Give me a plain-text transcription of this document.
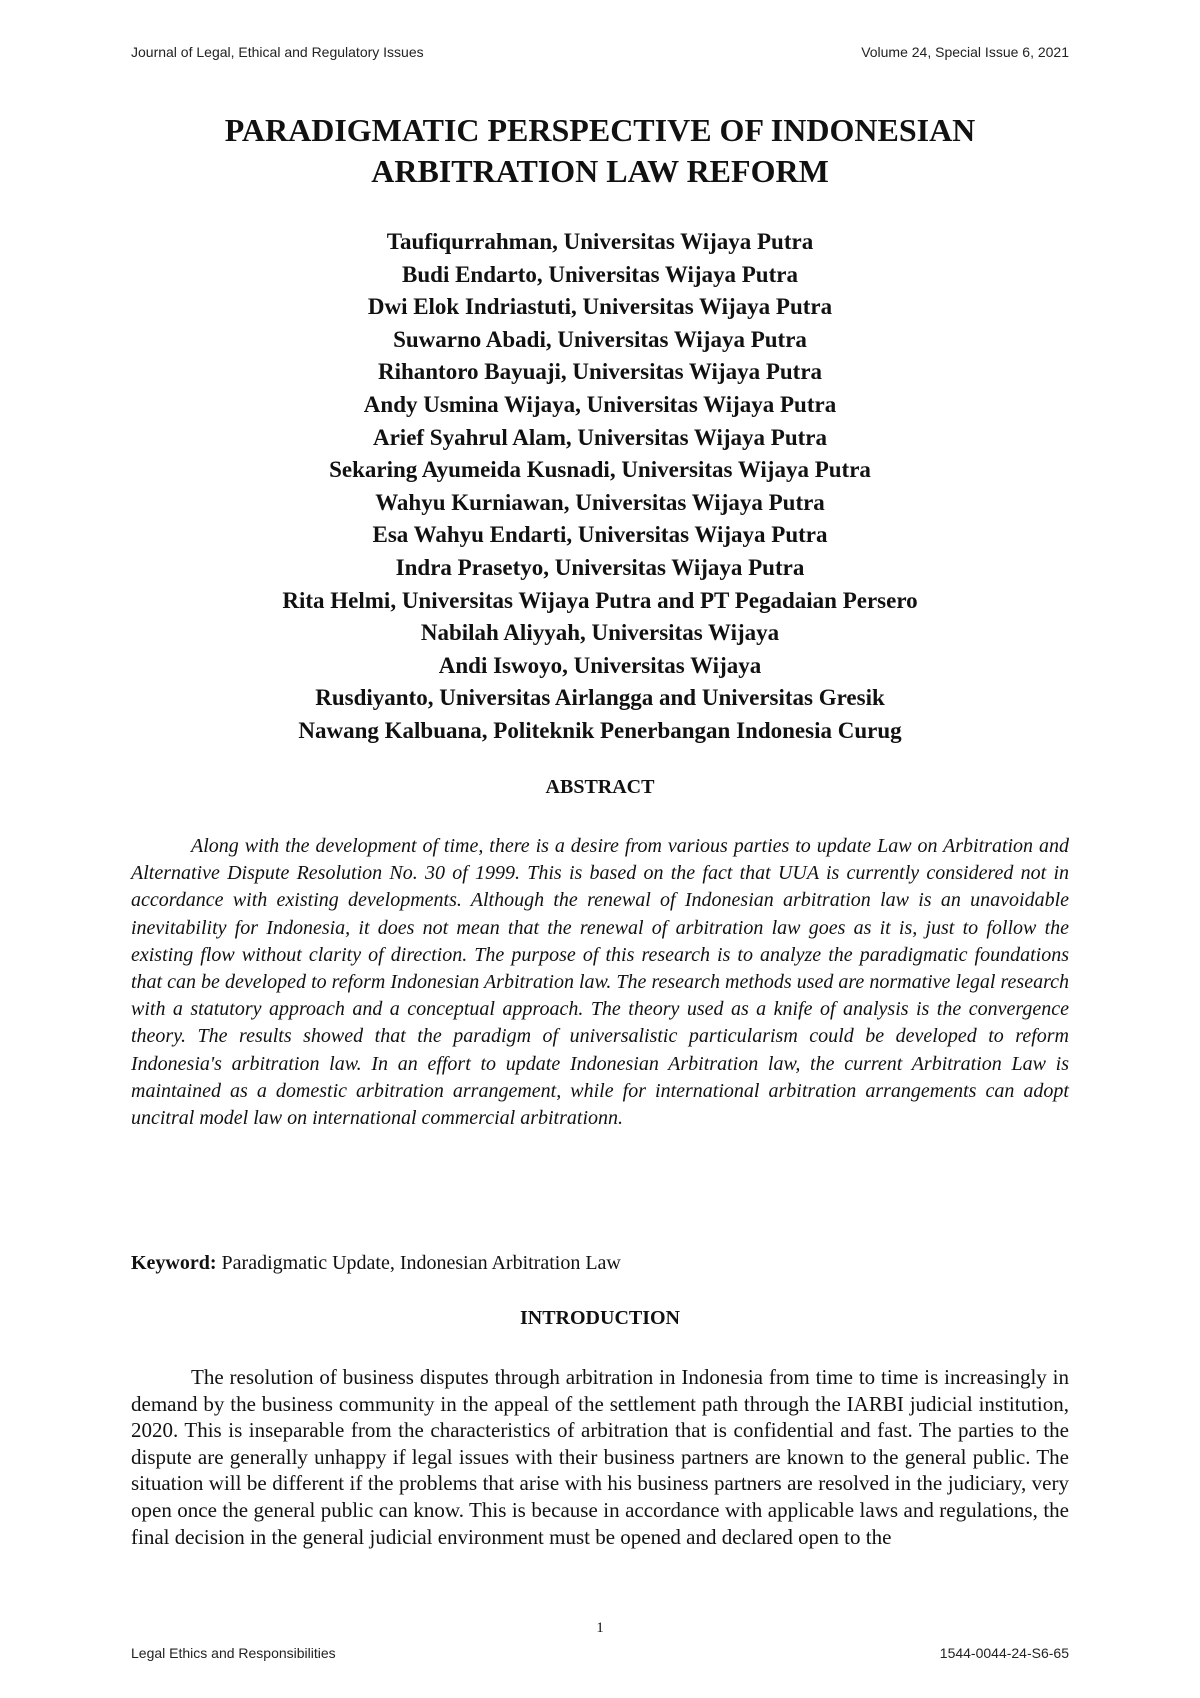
Journal of Legal, Ethical and Regulatory Issues	Volume 24, Special Issue 6, 2021
PARADIGMATIC PERSPECTIVE OF INDONESIAN ARBITRATION LAW REFORM
Taufiqurrahman, Universitas Wijaya Putra
Budi Endarto, Universitas Wijaya Putra
Dwi Elok Indriastuti, Universitas Wijaya Putra
Suwarno Abadi, Universitas Wijaya Putra
Rihantoro Bayuaji, Universitas Wijaya Putra
Andy Usmina Wijaya, Universitas Wijaya Putra
Arief Syahrul Alam, Universitas Wijaya Putra
Sekaring Ayumeida Kusnadi, Universitas Wijaya Putra
Wahyu Kurniawan, Universitas Wijaya Putra
Esa Wahyu Endarti, Universitas Wijaya Putra
Indra Prasetyo, Universitas Wijaya Putra
Rita Helmi, Universitas Wijaya Putra and PT Pegadaian Persero
Nabilah Aliyyah, Universitas Wijaya
Andi Iswoyo, Universitas Wijaya
Rusdiyanto, Universitas Airlangga and Universitas Gresik
Nawang Kalbuana, Politeknik Penerbangan Indonesia Curug
ABSTRACT

Along with the development of time, there is a desire from various parties to update Law on Arbitration and Alternative Dispute Resolution No. 30 of 1999. This is based on the fact that UUA is currently considered not in accordance with existing developments. Although the renewal of Indonesian arbitration law is an unavoidable inevitability for Indonesia, it does not mean that the renewal of arbitration law goes as it is, just to follow the existing flow without clarity of direction. The purpose of this research is to analyze the paradigmatic foundations that can be developed to reform Indonesian Arbitration law. The research methods used are normative legal research with a statutory approach and a conceptual approach. The theory used as a knife of analysis is the convergence theory. The results showed that the paradigm of universalistic particularism could be developed to reform Indonesia's arbitration law. In an effort to update Indonesian Arbitration law, the current Arbitration Law is maintained as a domestic arbitration arrangement, while for international arbitration arrangements can adopt uncitral model law on international commercial arbitrationn.

Keyword: Paradigmatic Update, Indonesian Arbitration Law

INTRODUCTION

The resolution of business disputes through arbitration in Indonesia from time to time is increasingly in demand by the business community in the appeal of the settlement path through the IARBI judicial institution, 2020. This is inseparable from the characteristics of arbitration that is confidential and fast. The parties to the dispute are generally unhappy if legal issues with their business partners are known to the general public. The situation will be different if the problems that arise with his business partners are resolved in the judiciary, very open once the general public can know. This is because in accordance with applicable laws and regulations, the final decision in the general judicial environment must be opened and declared open to the

1
Legal Ethics and Responsibilities	1544-0044-24-S6-65
